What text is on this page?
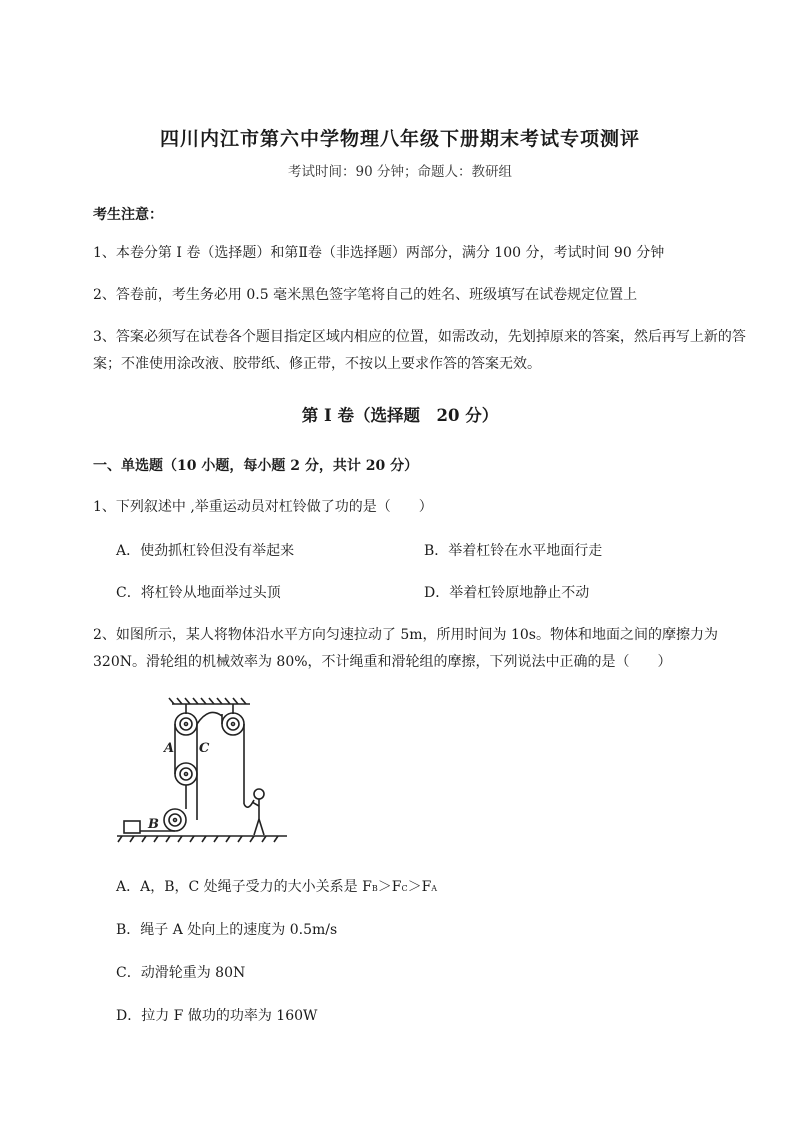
四川内江市第六中学物理八年级下册期末考试专项测评
考试时间：90 分钟；命题人：教研组
考生注意：
1、本卷分第 I 卷（选择题）和第Ⅱ卷（非选择题）两部分，满分 100 分，考试时间 90 分钟
2、答卷前，考生务必用 0.5 毫米黑色签字笔将自己的姓名、班级填写在试卷规定位置上
3、答案必须写在试卷各个题目指定区域内相应的位置，如需改动，先划掉原来的答案，然后再写上新的答案；不准使用涂改液、胶带纸、修正带，不按以上要求作答的答案无效。
第 I 卷（选择题　20 分）
一、单选题（10 小题，每小题 2 分，共计 20 分）
1、下列叙述中 ,举重运动员对杠铃做了功的是（　　）
A．使劲抓杠铃但没有举起来	B．举着杠铃在水平地面行走
C．将杠铃从地面举过头顶	D．举着杠铃原地静止不动
2、如图所示，某人将物体沿水平方向匀速拉动了 5m，所用时间为 10s。物体和地面之间的摩擦力为
320N。滑轮组的机械效率为 80%，不计绳重和滑轮组的摩擦，下列说法中正确的是（　　）
A C
B
A．A，B，C 处绳子受力的大小关系是 FB＞FC＞FA
B．绳子 A 处向上的速度为 0.5m/s
C．动滑轮重为 80N
D．拉力 F 做功的功率为 160W
